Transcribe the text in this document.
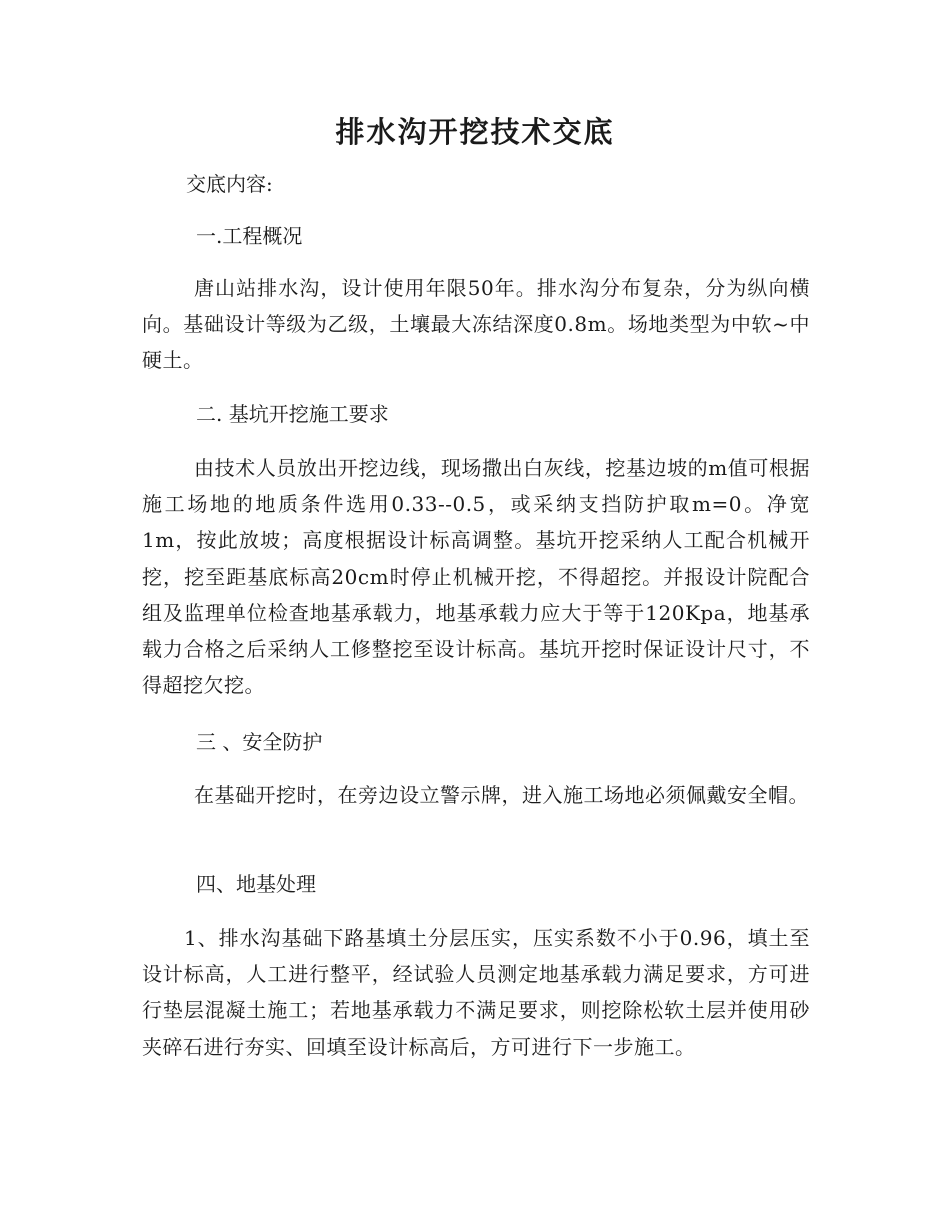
排水沟开挖技术交底
交底内容:
一.工程概况
唐山站排水沟，设计使用年限50年。排水沟分布复杂，分为纵向横向。基础设计等级为乙级，土壤最大冻结深度0.8m。场地类型为中软~中硬土。
二. 基坑开挖施工要求
由技术人员放出开挖边线，现场撒出白灰线，挖基边坡的m值可根据施工场地的地质条件选用0.33--0.5，或采纳支挡防护取m=0。净宽1m，按此放坡；高度根据设计标高调整。基坑开挖采纳人工配合机械开挖，挖至距基底标高20cm时停止机械开挖，不得超挖。并报设计院配合组及监理单位检查地基承载力，地基承载力应大于等于120Kpa，地基承载力合格之后采纳人工修整挖至设计标高。基坑开挖时保证设计尺寸，不得超挖欠挖。
三 、安全防护
在基础开挖时，在旁边设立警示牌，进入施工场地必须佩戴安全帽。
四、地基处理
1、排水沟基础下路基填土分层压实，压实系数不小于0.96，填土至设计标高，人工进行整平，经试验人员测定地基承载力满足要求，方可进行垫层混凝土施工；若地基承载力不满足要求，则挖除松软土层并使用砂夹碎石进行夯实、回填至设计标高后，方可进行下一步施工。
